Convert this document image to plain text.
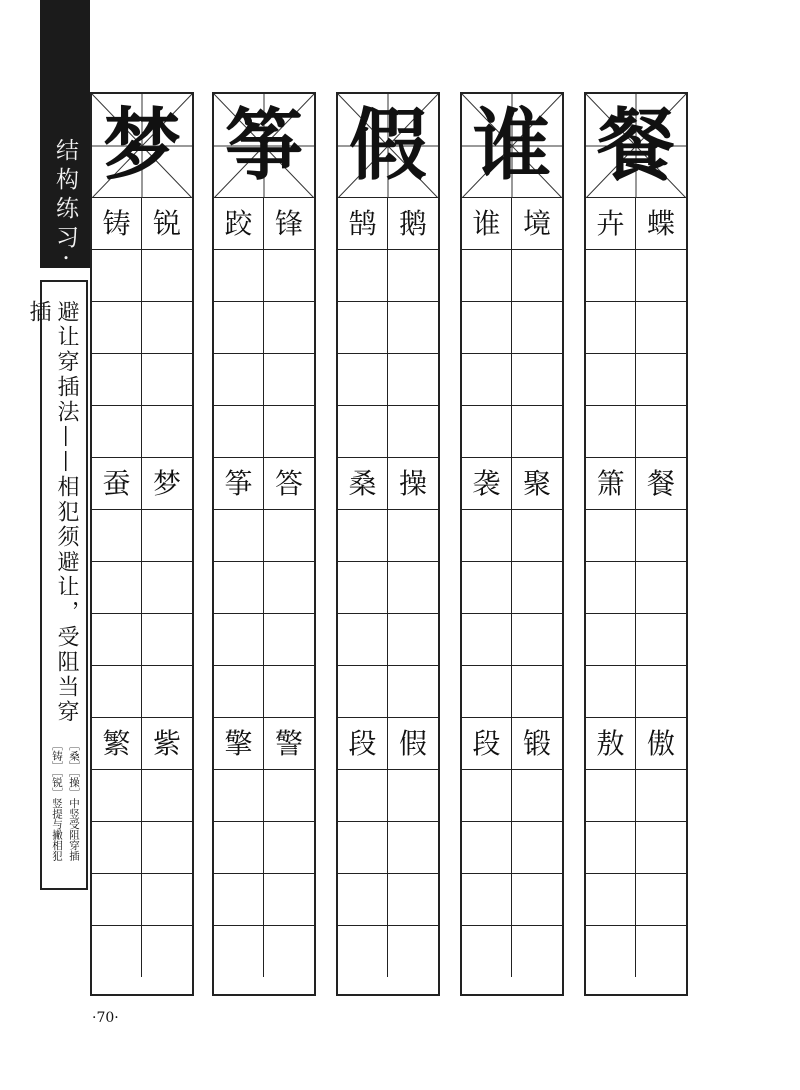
结构练习·
避让穿插法——相犯须避让，受阻当穿插
［桑］［操］中竖受阻穿插［铸］［锐］竖提与撇相犯
梦
铸 锐
蚕 梦
繁 紫
筝
跤 锋
筝 答
擎 警
假
鹄 鹅
桑 操
段 假
谁
谁 境
袭 聚
段 锻
餐
卉 蝶
箫 餐
敖 傲
·70·
